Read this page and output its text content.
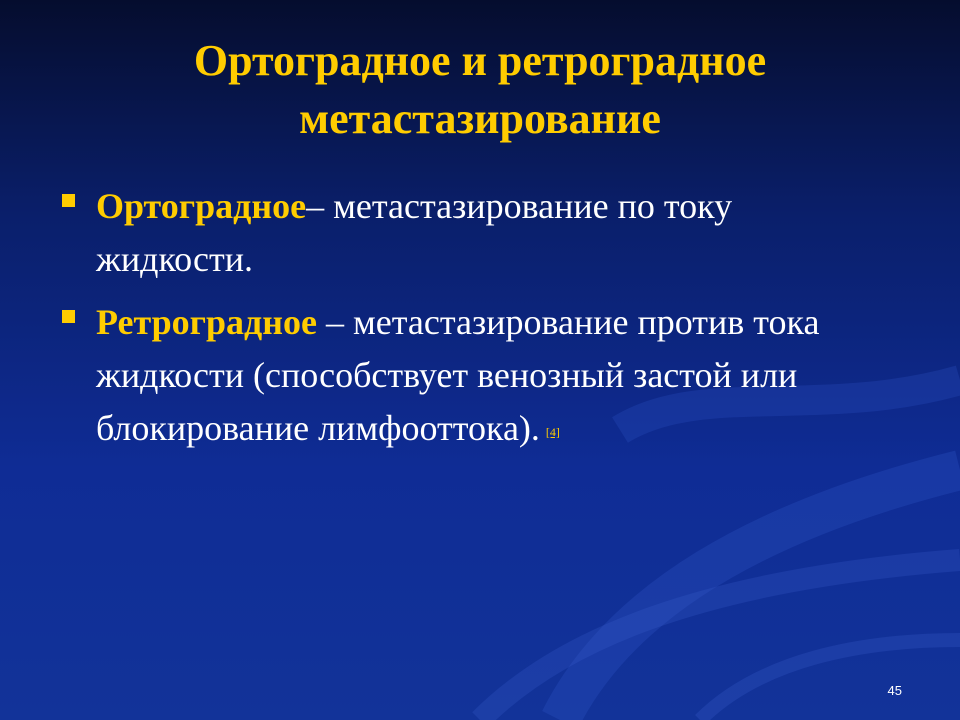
Ортоградное и ретроградное метастазирование
Ортоградное– метастазирование по току жидкости.
Ретроградное – метастазирование против тока жидкости (способствует венозный застой или блокирование лимфооттока). [4]
45
